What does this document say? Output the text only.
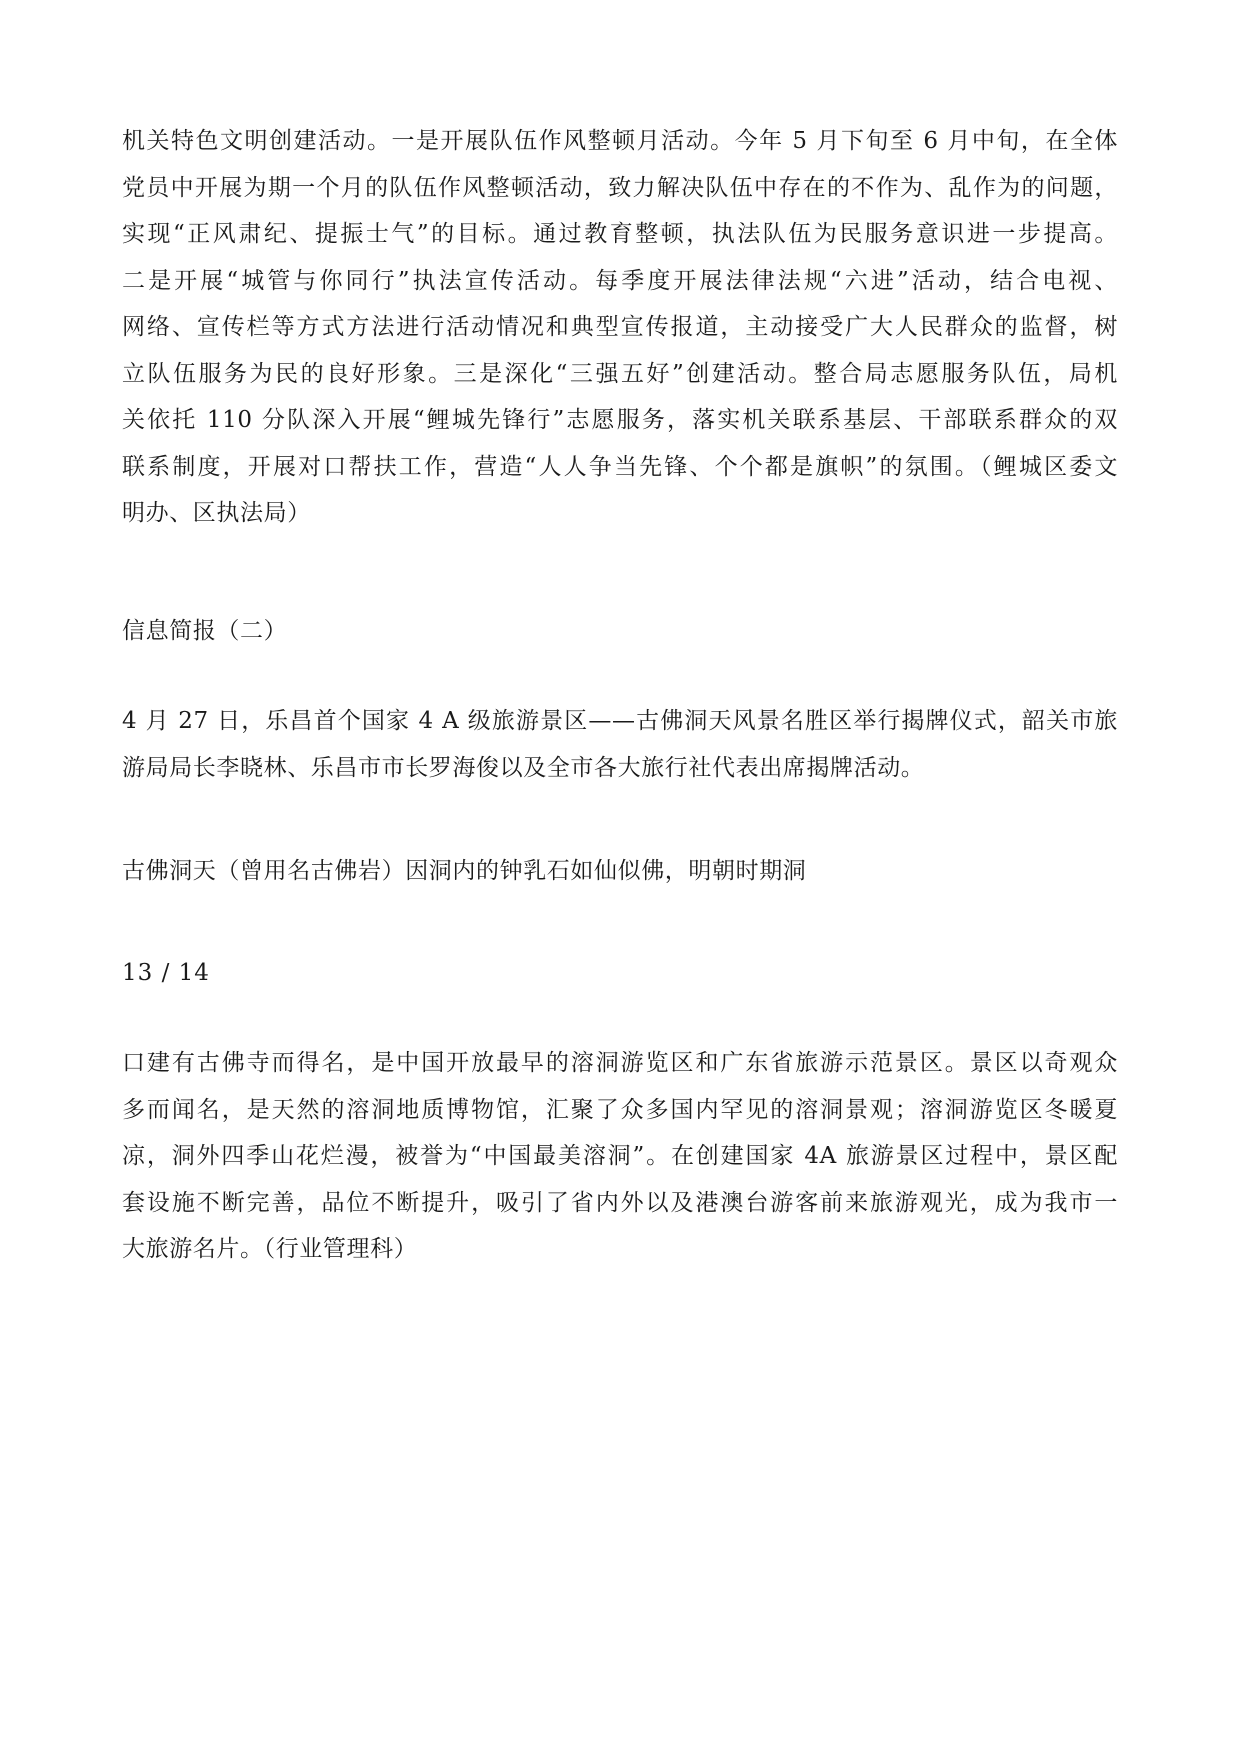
机关特色文明创建活动。一是开展队伍作风整顿月活动。今年 5 月下旬至 6 月中旬，在全体
党员中开展为期一个月的队伍作风整顿活动，致力解决队伍中存在的不作为、乱作为的问题，
实现“正风肃纪、提振士气”的目标。通过教育整顿，执法队伍为民服务意识进一步提高。
二是开展“城管与你同行”执法宣传活动。每季度开展法律法规“六进”活动，结合电视、
网络、宣传栏等方式方法进行活动情况和典型宣传报道，主动接受广大人民群众的监督，树
立队伍服务为民的良好形象。三是深化“三强五好”创建活动。整合局志愿服务队伍，局机
关依托 110 分队深入开展“鲤城先锋行”志愿服务，落实机关联系基层、干部联系群众的双
联系制度，开展对口帮扶工作，营造“人人争当先锋、个个都是旗帜”的氛围。（鲤城区委文
明办、区执法局）
信息简报（二）
4 月 27 日，乐昌首个国家 4 A 级旅游景区——古佛洞天风景名胜区举行揭牌仪式，韶关市旅
游局局长李晓林、乐昌市市长罗海俊以及全市各大旅行社代表出席揭牌活动。
古佛洞天（曾用名古佛岩）因洞内的钟乳石如仙似佛，明朝时期洞
13 / 14
口建有古佛寺而得名，是中国开放最早的溶洞游览区和广东省旅游示范景区。景区以奇观众
多而闻名，是天然的溶洞地质博物馆，汇聚了众多国内罕见的溶洞景观；溶洞游览区冬暖夏
凉，洞外四季山花烂漫，被誉为“中国最美溶洞”。在创建国家 4A 旅游景区过程中，景区配
套设施不断完善，品位不断提升，吸引了省内外以及港澳台游客前来旅游观光，成为我市一
大旅游名片。（行业管理科）
